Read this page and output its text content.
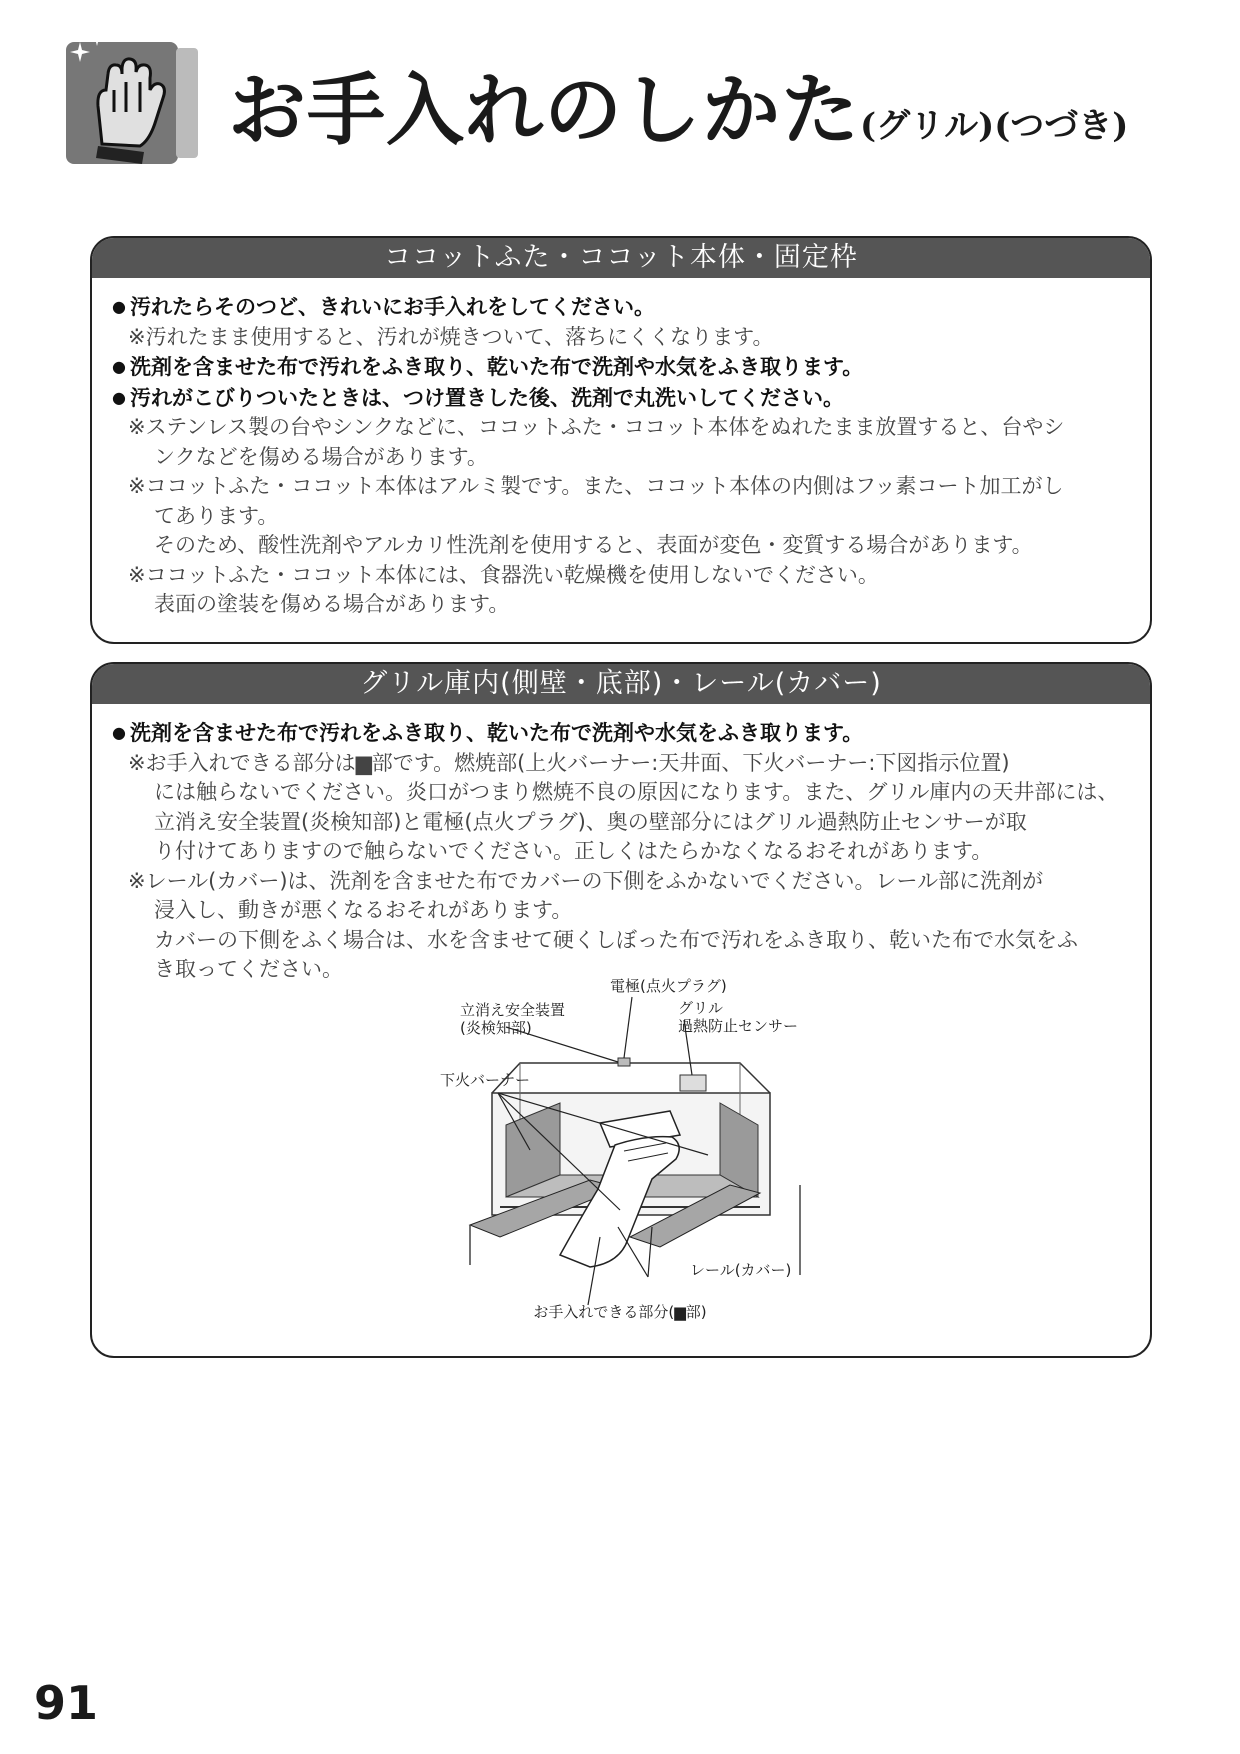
お手入れのしかた(グリル)(つづき)
ココットふた・ココット本体・固定枠
● 汚れたらそのつど、きれいにお手入れをしてください。
※汚れたまま使用すると、汚れが焼きついて、落ちにくくなります。
● 洗剤を含ませた布で汚れをふき取り、乾いた布で洗剤や水気をふき取ります。
● 汚れがこびりついたときは、つけ置きした後、洗剤で丸洗いしてください。
※ステンレス製の台やシンクなどに、ココットふた・ココット本体をぬれたまま放置すると、台やシ
ンクなどを傷める場合があります。
※ココットふた・ココット本体はアルミ製です。また、ココット本体の内側はフッ素コート加工がし
てあります。
そのため、酸性洗剤やアルカリ性洗剤を使用すると、表面が変色・変質する場合があります。
※ココットふた・ココット本体には、食器洗い乾燥機を使用しないでください。
表面の塗装を傷める場合があります。
グリル庫内(側壁・底部)・レール(カバー)
● 洗剤を含ませた布で汚れをふき取り、乾いた布で洗剤や水気をふき取ります。
※お手入れできる部分は▆部です。燃焼部(上火バーナー:天井面、下火バーナー:下図指示位置)
には触らないでください。炎口がつまり燃焼不良の原因になります。また、グリル庫内の天井部には、
立消え安全装置(炎検知部)と電極(点火プラグ)、奥の壁部分にはグリル過熱防止センサーが取
り付けてありますので触らないでください。正しくはたらかなくなるおそれがあります。
※レール(カバー)は、洗剤を含ませた布でカバーの下側をふかないでください。レール部に洗剤が
浸入し、動きが悪くなるおそれがあります。
カバーの下側をふく場合は、水を含ませて硬くしぼった布で汚れをふき取り、乾いた布で水気をふ
き取ってください。
電極(点火プラグ)
立消え安全装置
(炎検知部)
グリル
過熱防止センサー
下火バーナー
レール(カバー)
お手入れできる部分(▆部)
91
